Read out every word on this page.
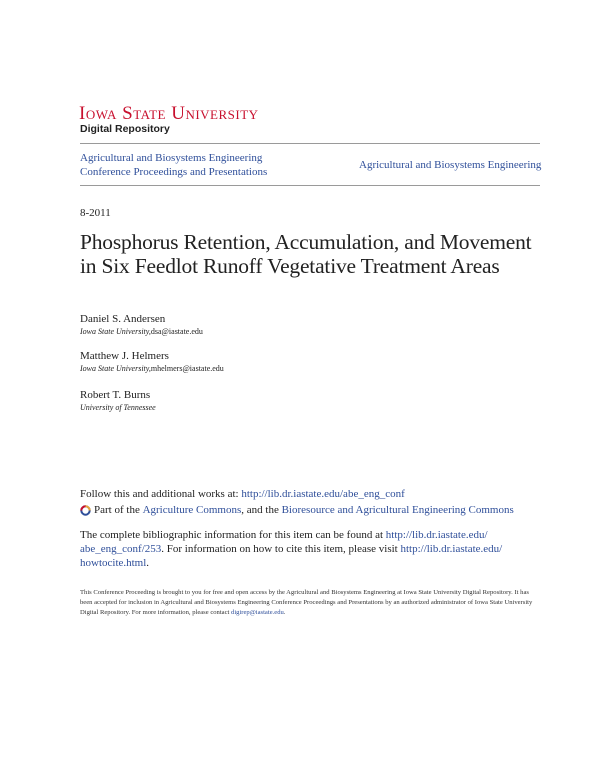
Iowa State University
Digital Repository
Agricultural and Biosystems Engineering
Conference Proceedings and Presentations
Agricultural and Biosystems Engineering
8-2011
Phosphorus Retention, Accumulation, and Movement in Six Feedlot Runoff Vegetative Treatment Areas
Daniel S. Andersen
Iowa State University,dsa@iastate.edu
Matthew J. Helmers
Iowa State University,mhelmers@iastate.edu
Robert T. Burns
University of Tennessee
Follow this and additional works at: http://lib.dr.iastate.edu/abe_eng_conf
Part of the
Agriculture Commons , and the
Bioresource and Agricultural Engineering Commons
The complete bibliographic information for this item can be found at http://lib.dr.iastate.edu/
abe_eng_conf/253. For information on how to cite this item, please visit http://lib.dr.iastate.edu/
howtocite.html.
This Conference Proceeding is brought to you for free and open access by the Agricultural and Biosystems Engineering at Iowa State University Digital Repository. It has been accepted for inclusion in Agricultural and Biosystems Engineering Conference Proceedings and Presentations by an authorized administrator of Iowa State University Digital Repository. For more information, please contact digirep@iastate.edu.
